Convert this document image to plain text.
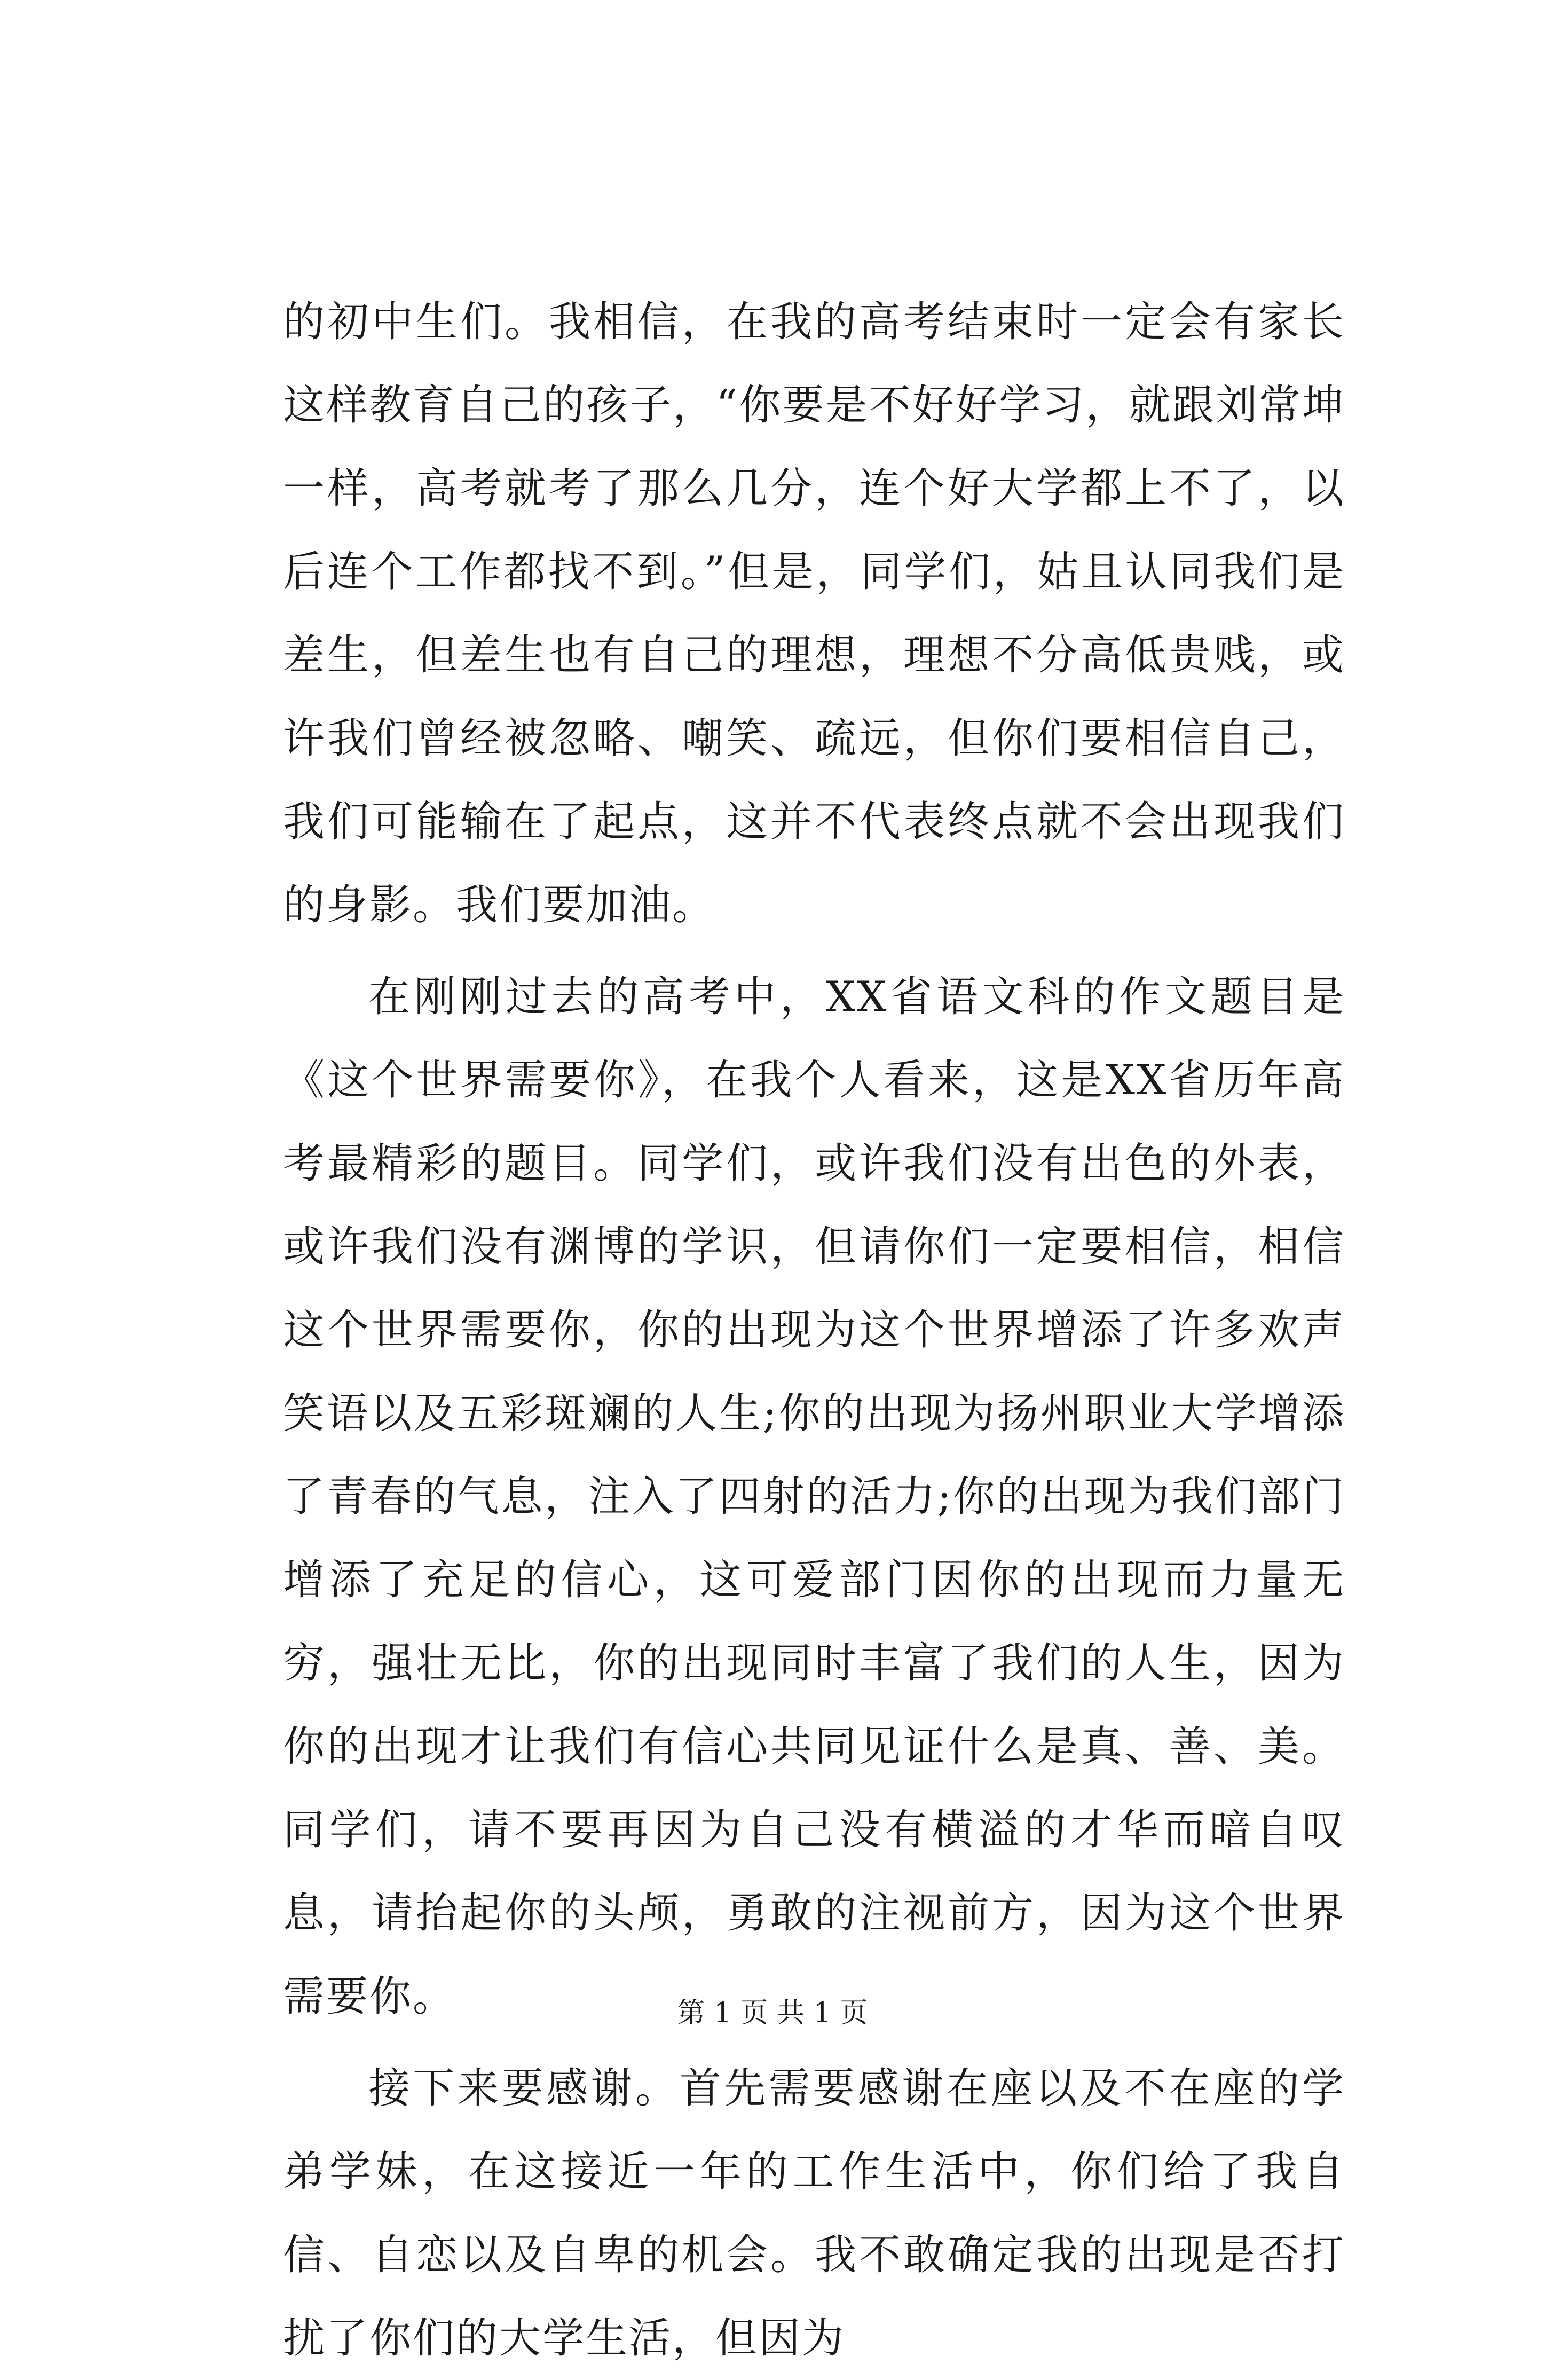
的初中生们。我相信，在我的高考结束时一定会有家长这样教育自己的孩子，“你要是不好好学习，就跟刘常坤一样，高考就考了那么几分，连个好大学都上不了，以后连个工作都找不到。”但是，同学们，姑且认同我们是差生，但差生也有自己的理想，理想不分高低贵贱，或许我们曾经被忽略、嘲笑、疏远，但你们要相信自己，我们可能输在了起点，这并不代表终点就不会出现我们的身影。我们要加油。

在刚刚过去的高考中，XX省语文科的作文题目是《这个世界需要你》，在我个人看来，这是XX省历年高考最精彩的题目。同学们，或许我们没有出色的外表，或许我们没有渊博的学识，但请你们一定要相信，相信这个世界需要你，你的出现为这个世界增添了许多欢声笑语以及五彩斑斓的人生;你的出现为扬州职业大学增添了青春的气息，注入了四射的活力;你的出现为我们部门增添了充足的信心，这可爱部门因你的出现而力量无穷，强壮无比，你的出现同时丰富了我们的人生，因为你的出现才让我们有信心共同见证什么是真、善、美。同学们，请不要再因为自己没有横溢的才华而暗自叹息，请抬起你的头颅，勇敢的注视前方，因为这个世界需要你。

接下来要感谢。首先需要感谢在座以及不在座的学弟学妹，在这接近一年的工作生活中，你们给了我自信、自恋以及自卑的机会。我不敢确定我的出现是否打扰了你们的大学生活，但因为

第 1 页 共 1 页
